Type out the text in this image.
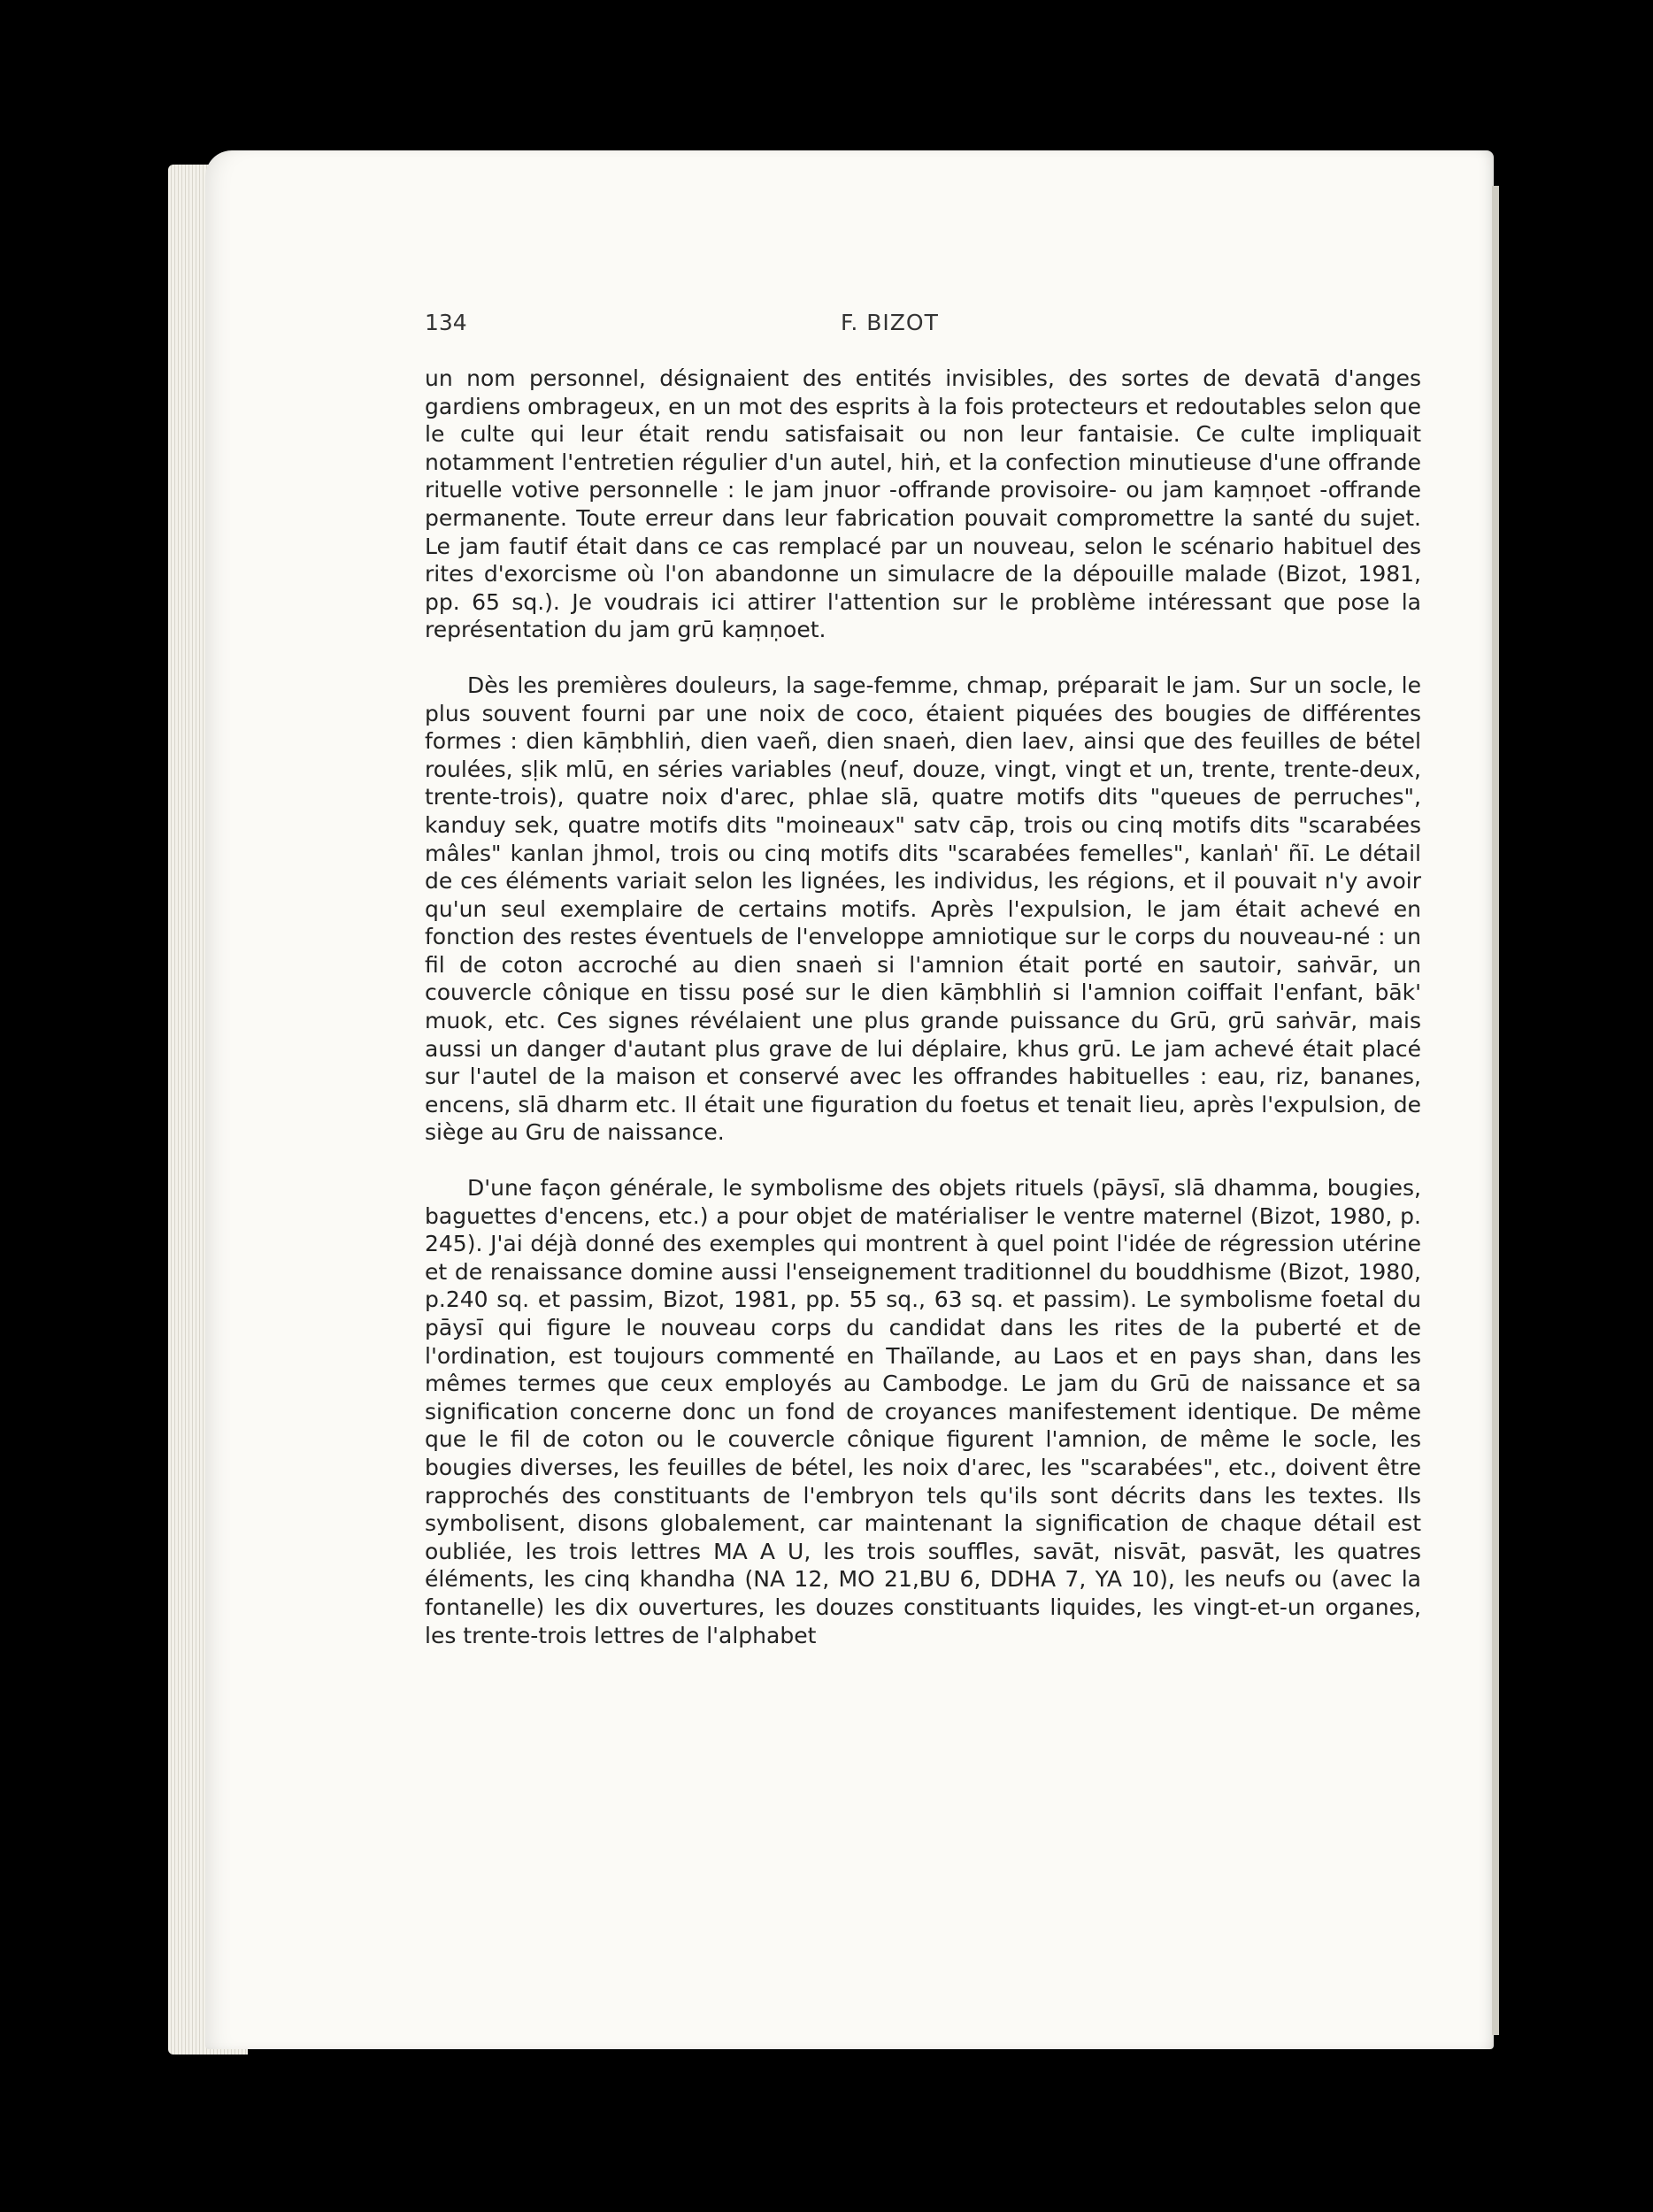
134	F. BIZOT

un nom personnel, désignaient des entités invisibles, des sortes de devatā d'anges gardiens ombrageux, en un mot des esprits à la fois protecteurs et redoutables selon que le culte qui leur était rendu satisfaisait ou non leur fantaisie. Ce culte impliquait notamment l'entretien régulier d'un autel, hiṅ, et la confection minutieuse d'une offrande rituelle votive personnelle : le jam jnuor -offrande provisoire- ou jam kaṃṇoet -offrande permanente. Toute erreur dans leur fabrication pouvait compromettre la santé du sujet. Le jam fautif était dans ce cas remplacé par un nouveau, selon le scénario habituel des rites d'exorcisme où l'on abandonne un simulacre de la dépouille malade (Bizot, 1981, pp. 65 sq.). Je voudrais ici attirer l'attention sur le problème intéressant que pose la représentation du jam grū kaṃṇoet.

Dès les premières douleurs, la sage-femme, chmap, préparait le jam. Sur un socle, le plus souvent fourni par une noix de coco, étaient piquées des bougies de différentes formes : dien kāṃbhliṅ, dien vaeñ, dien snaeṅ, dien laev, ainsi que des feuilles de bétel roulées, sḷik mlū, en séries variables (neuf, douze, vingt, vingt et un, trente, trente-deux, trente-trois), quatre noix d'arec, phlae slā, quatre motifs dits "queues de perruches", kanduy sek, quatre motifs dits "moineaux" satv cāp, trois ou cinq motifs dits "scarabées mâles" kanlan jhmol, trois ou cinq motifs dits "scarabées femelles", kanlaṅ' ñī. Le détail de ces éléments variait selon les lignées, les individus, les régions, et il pouvait n'y avoir qu'un seul exemplaire de certains motifs. Après l'expulsion, le jam était achevé en fonction des restes éventuels de l'enveloppe amniotique sur le corps du nouveau-né : un fil de coton accroché au dien snaeṅ si l'amnion était porté en sautoir, saṅvār, un couvercle cônique en tissu posé sur le dien kāṃbhliṅ si l'amnion coiffait l'enfant, bāk' muok, etc. Ces signes révélaient une plus grande puissance du Grū, grū saṅvār, mais aussi un danger d'autant plus grave de lui déplaire, khus grū. Le jam achevé était placé sur l'autel de la maison et conservé avec les offrandes habituelles : eau, riz, bananes, encens, slā dharm etc. Il était une figuration du foetus et tenait lieu, après l'expulsion, de siège au Gru de naissance.

D'une façon générale, le symbolisme des objets rituels (pāysī, slā dhamma, bougies, baguettes d'encens, etc.) a pour objet de matérialiser le ventre maternel (Bizot, 1980, p. 245). J'ai déjà donné des exemples qui montrent à quel point l'idée de régression utérine et de renaissance domine aussi l'enseignement traditionnel du bouddhisme (Bizot, 1980, p.240 sq. et passim, Bizot, 1981, pp. 55 sq., 63 sq. et passim). Le symbolisme foetal du pāysī qui figure le nouveau corps du candidat dans les rites de la puberté et de l'ordination, est toujours commenté en Thaïlande, au Laos et en pays shan, dans les mêmes termes que ceux employés au Cambodge. Le jam du Grū de naissance et sa signification concerne donc un fond de croyances manifestement identique. De même que le fil de coton ou le couvercle cônique figurent l'amnion, de même le socle, les bougies diverses, les feuilles de bétel, les noix d'arec, les "scarabées", etc., doivent être rapprochés des constituants de l'embryon tels qu'ils sont décrits dans les textes. Ils symbolisent, disons globalement, car maintenant la signification de chaque détail est oubliée, les trois lettres MA A U, les trois souffles, savāt, nisvāt, pasvāt, les quatres éléments, les cinq khandha (NA 12, MO 21,BU 6, DDHA 7, YA 10), les neufs ou (avec la fontanelle) les dix ouvertures, les douzes constituants liquides, les vingt-et-un organes, les trente-trois lettres de l'alphabet
